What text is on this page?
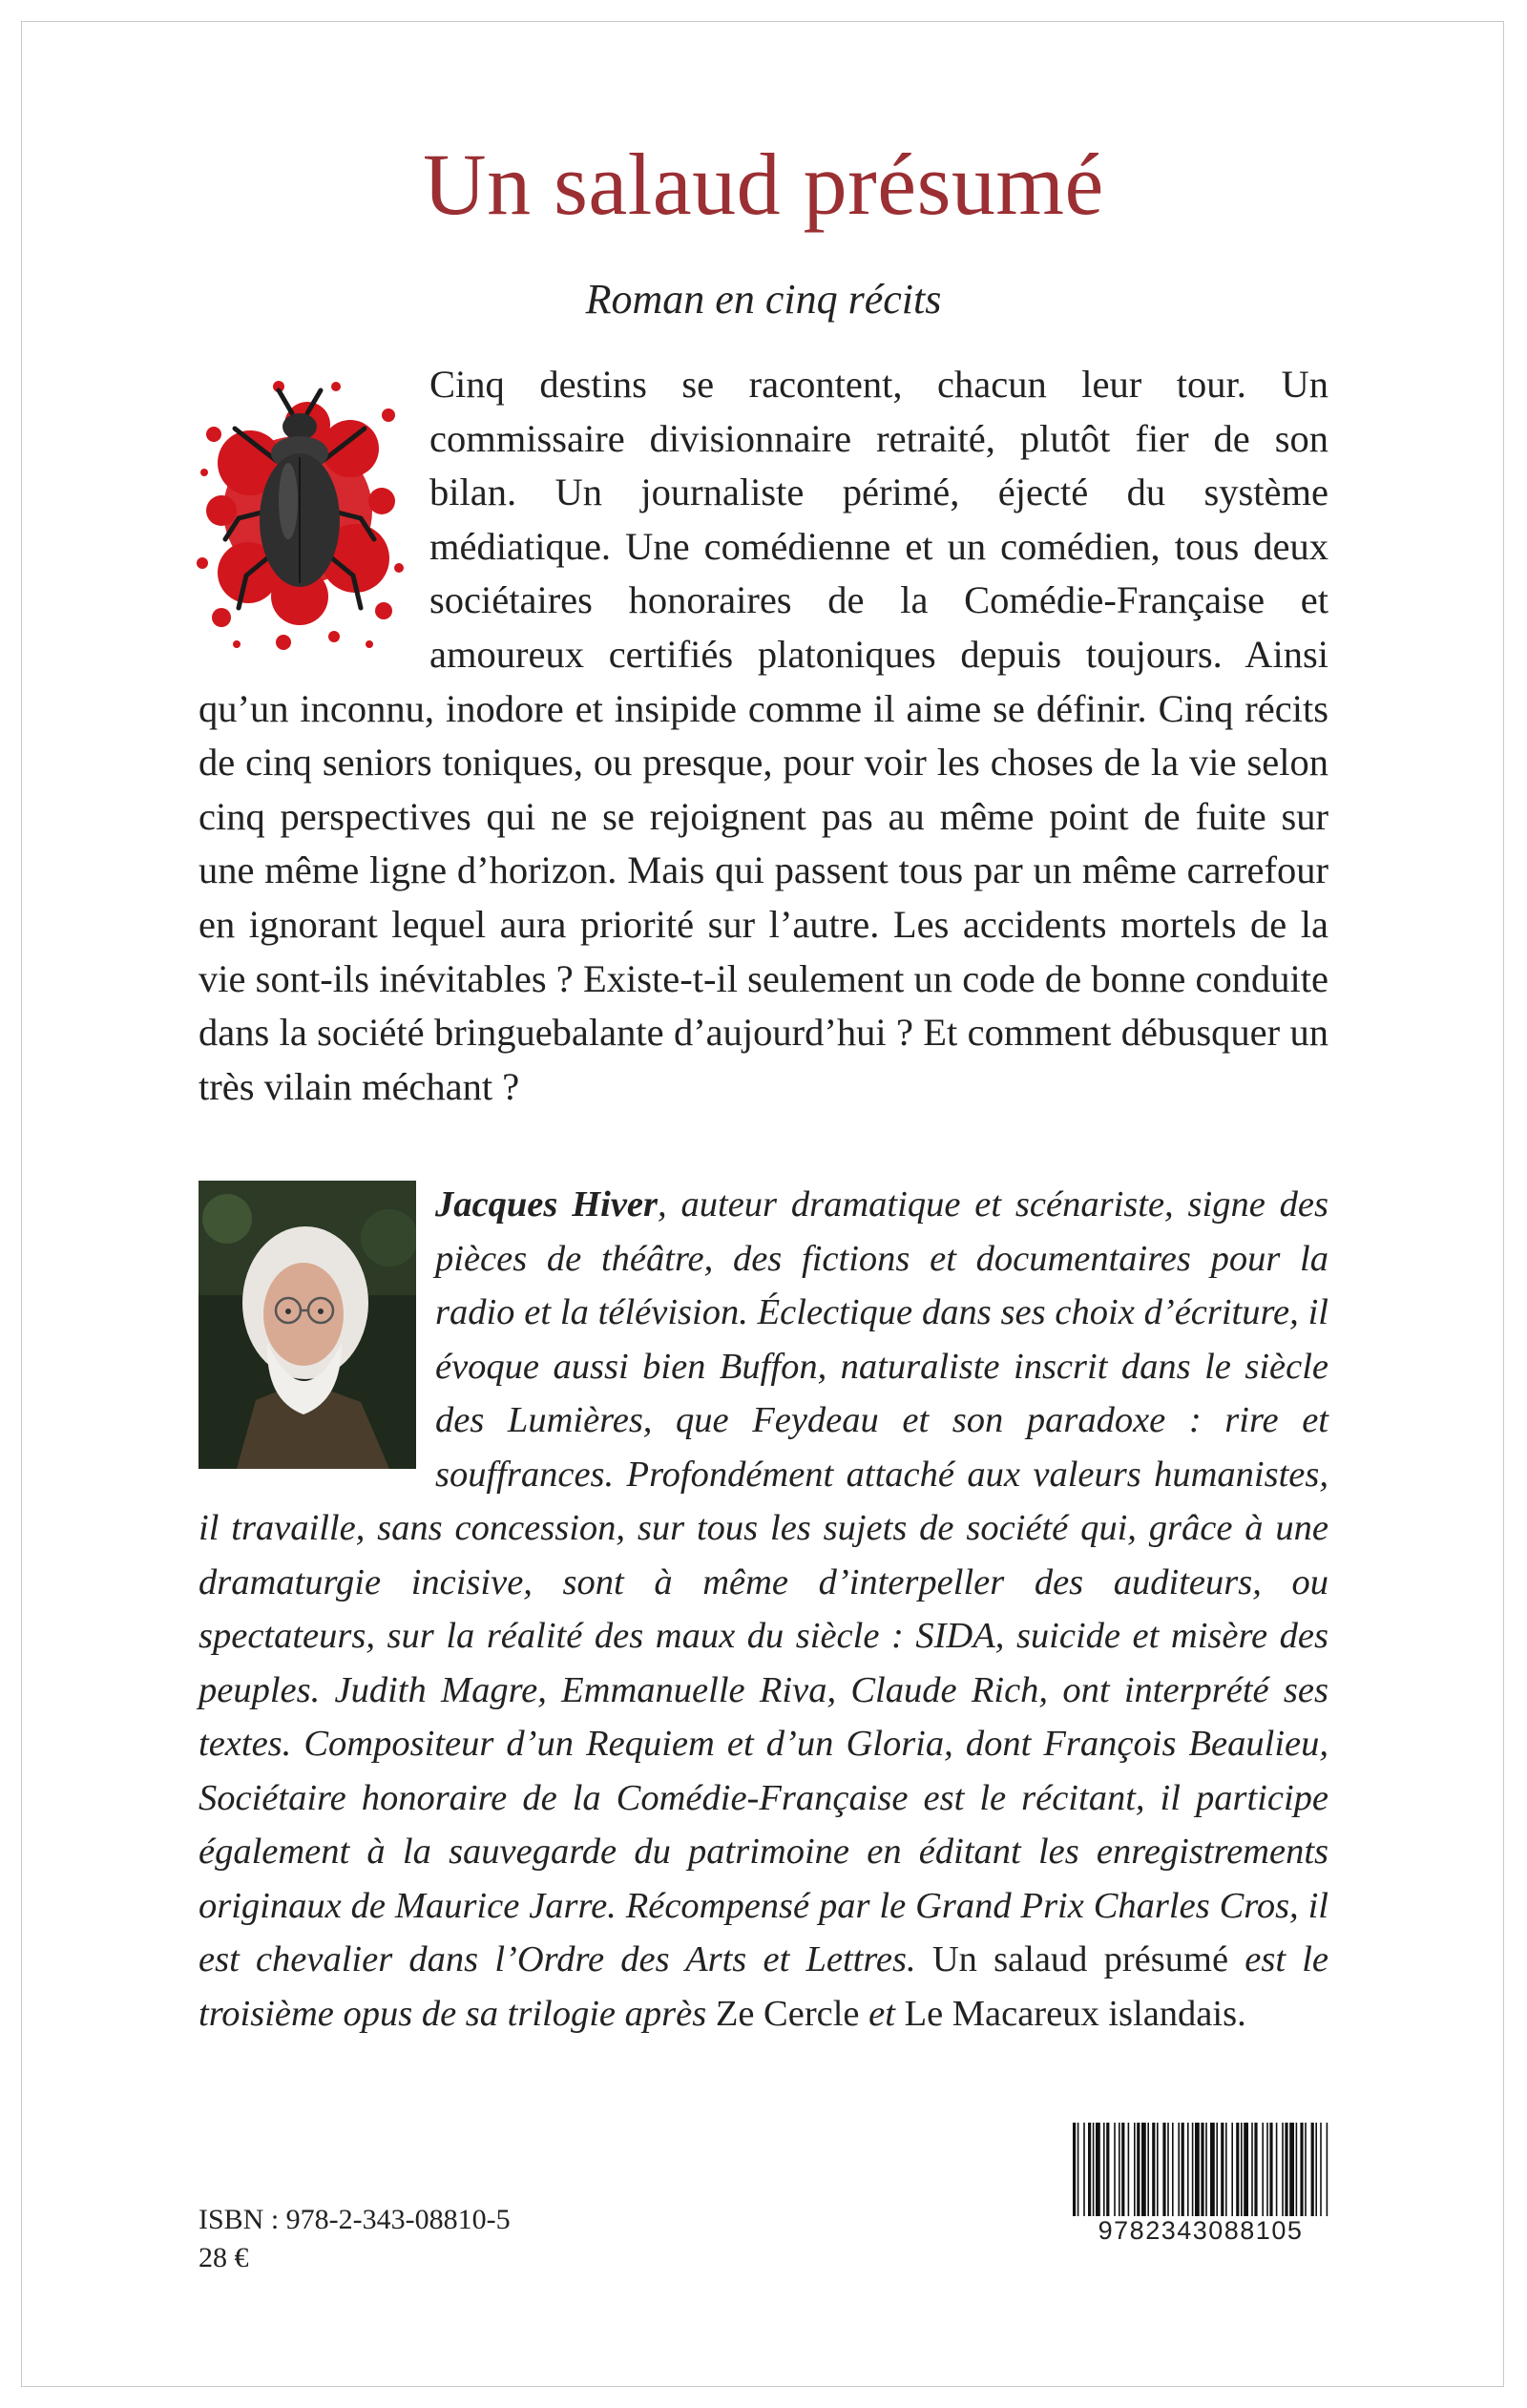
Un salaud présumé
Roman en cinq récits
Cinq destins se racontent, chacun leur tour. Un commissaire divisionnaire retraité, plutôt fier de son bilan. Un journaliste périmé, éjecté du système médiatique. Une comédienne et un comédien, tous deux sociétaires honoraires de la Comédie-Française et amoureux certifiés platoniques depuis toujours. Ainsi qu’un inconnu, inodore et insipide comme il aime se définir. Cinq récits de cinq seniors toniques, ou presque, pour voir les choses de la vie selon cinq perspectives qui ne se rejoignent pas au même point de fuite sur une même ligne d’horizon. Mais qui passent tous par un même carrefour en ignorant lequel aura priorité sur l’autre. Les accidents mortels de la vie sont-ils inévitables ? Existe-t-il seulement un code de bonne conduite dans la société bringuebalante d’aujourd’hui ? Et comment débusquer un très vilain méchant ?
Jacques Hiver, auteur dramatique et scénariste, signe des pièces de théâtre, des fictions et documentaires pour la radio et la télévision. Éclectique dans ses choix d’écriture, il évoque aussi bien Buffon, naturaliste inscrit dans le siècle des Lumières, que Feydeau et son paradoxe : rire et souffrances. Profondément attaché aux valeurs humanistes, il travaille, sans concession, sur tous les sujets de société qui, grâce à une dramaturgie incisive, sont à même d’interpeller des auditeurs, ou spectateurs, sur la réalité des maux du siècle : SIDA, suicide et misère des peuples. Judith Magre, Emmanuelle Riva, Claude Rich, ont interprété ses textes. Compositeur d’un Requiem et d’un Gloria, dont François Beaulieu, Sociétaire honoraire de la Comédie-Française est le récitant, il participe également à la sauvegarde du patrimoine en éditant les enregistrements originaux de Maurice Jarre. Récompensé par le Grand Prix Charles Cros, il est chevalier dans l’Ordre des Arts et Lettres. Un salaud présumé est le troisième opus de sa trilogie après Ze Cercle et Le Macareux islandais.
ISBN : 978-2-343-08810-5
28 €
9782343088105
